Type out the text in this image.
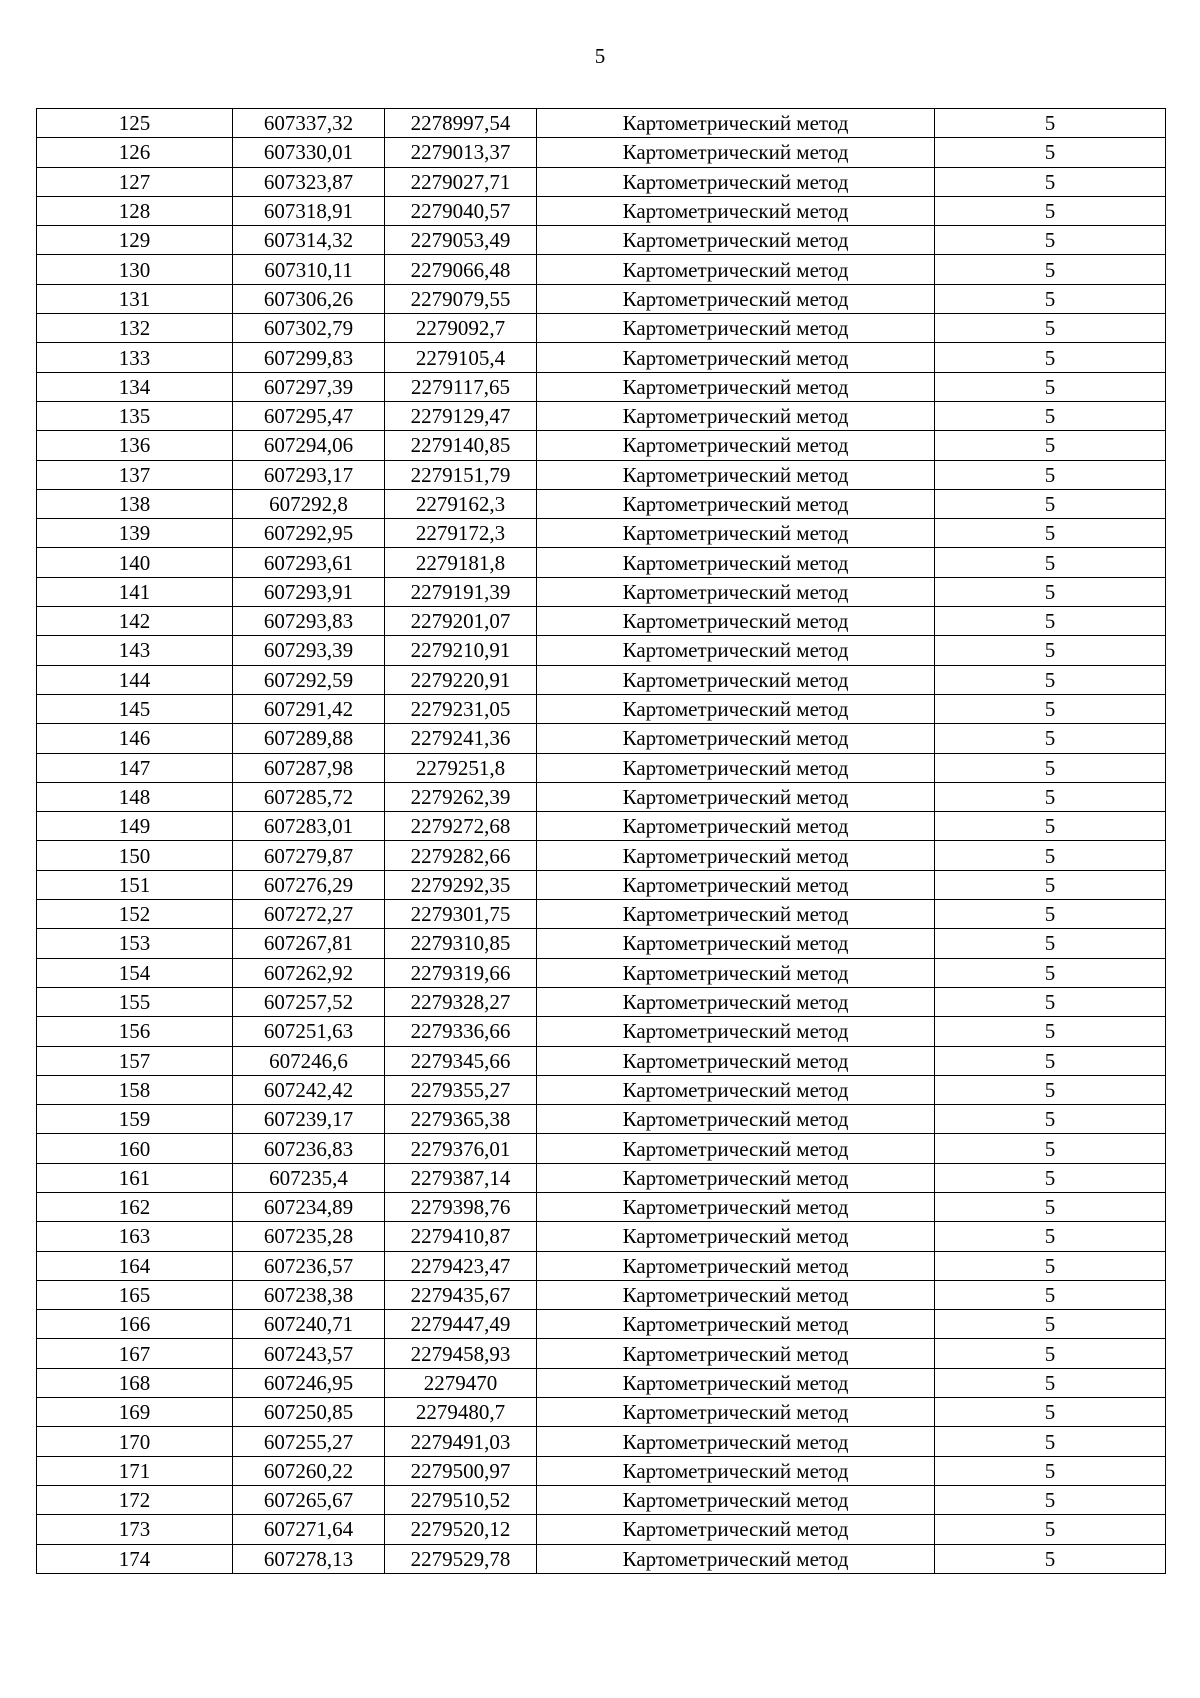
5
125	607337,32	2278997,54	Картометрический метод	5
126	607330,01	2279013,37	Картометрический метод	5
127	607323,87	2279027,71	Картометрический метод	5
128	607318,91	2279040,57	Картометрический метод	5
129	607314,32	2279053,49	Картометрический метод	5
130	607310,11	2279066,48	Картометрический метод	5
131	607306,26	2279079,55	Картометрический метод	5
132	607302,79	2279092,7	Картометрический метод	5
133	607299,83	2279105,4	Картометрический метод	5
134	607297,39	2279117,65	Картометрический метод	5
135	607295,47	2279129,47	Картометрический метод	5
136	607294,06	2279140,85	Картометрический метод	5
137	607293,17	2279151,79	Картометрический метод	5
138	607292,8	2279162,3	Картометрический метод	5
139	607292,95	2279172,3	Картометрический метод	5
140	607293,61	2279181,8	Картометрический метод	5
141	607293,91	2279191,39	Картометрический метод	5
142	607293,83	2279201,07	Картометрический метод	5
143	607293,39	2279210,91	Картометрический метод	5
144	607292,59	2279220,91	Картометрический метод	5
145	607291,42	2279231,05	Картометрический метод	5
146	607289,88	2279241,36	Картометрический метод	5
147	607287,98	2279251,8	Картометрический метод	5
148	607285,72	2279262,39	Картометрический метод	5
149	607283,01	2279272,68	Картометрический метод	5
150	607279,87	2279282,66	Картометрический метод	5
151	607276,29	2279292,35	Картометрический метод	5
152	607272,27	2279301,75	Картометрический метод	5
153	607267,81	2279310,85	Картометрический метод	5
154	607262,92	2279319,66	Картометрический метод	5
155	607257,52	2279328,27	Картометрический метод	5
156	607251,63	2279336,66	Картометрический метод	5
157	607246,6	2279345,66	Картометрический метод	5
158	607242,42	2279355,27	Картометрический метод	5
159	607239,17	2279365,38	Картометрический метод	5
160	607236,83	2279376,01	Картометрический метод	5
161	607235,4	2279387,14	Картометрический метод	5
162	607234,89	2279398,76	Картометрический метод	5
163	607235,28	2279410,87	Картометрический метод	5
164	607236,57	2279423,47	Картометрический метод	5
165	607238,38	2279435,67	Картометрический метод	5
166	607240,71	2279447,49	Картометрический метод	5
167	607243,57	2279458,93	Картометрический метод	5
168	607246,95	2279470	Картометрический метод	5
169	607250,85	2279480,7	Картометрический метод	5
170	607255,27	2279491,03	Картометрический метод	5
171	607260,22	2279500,97	Картометрический метод	5
172	607265,67	2279510,52	Картометрический метод	5
173	607271,64	2279520,12	Картометрический метод	5
174	607278,13	2279529,78	Картометрический метод	5
